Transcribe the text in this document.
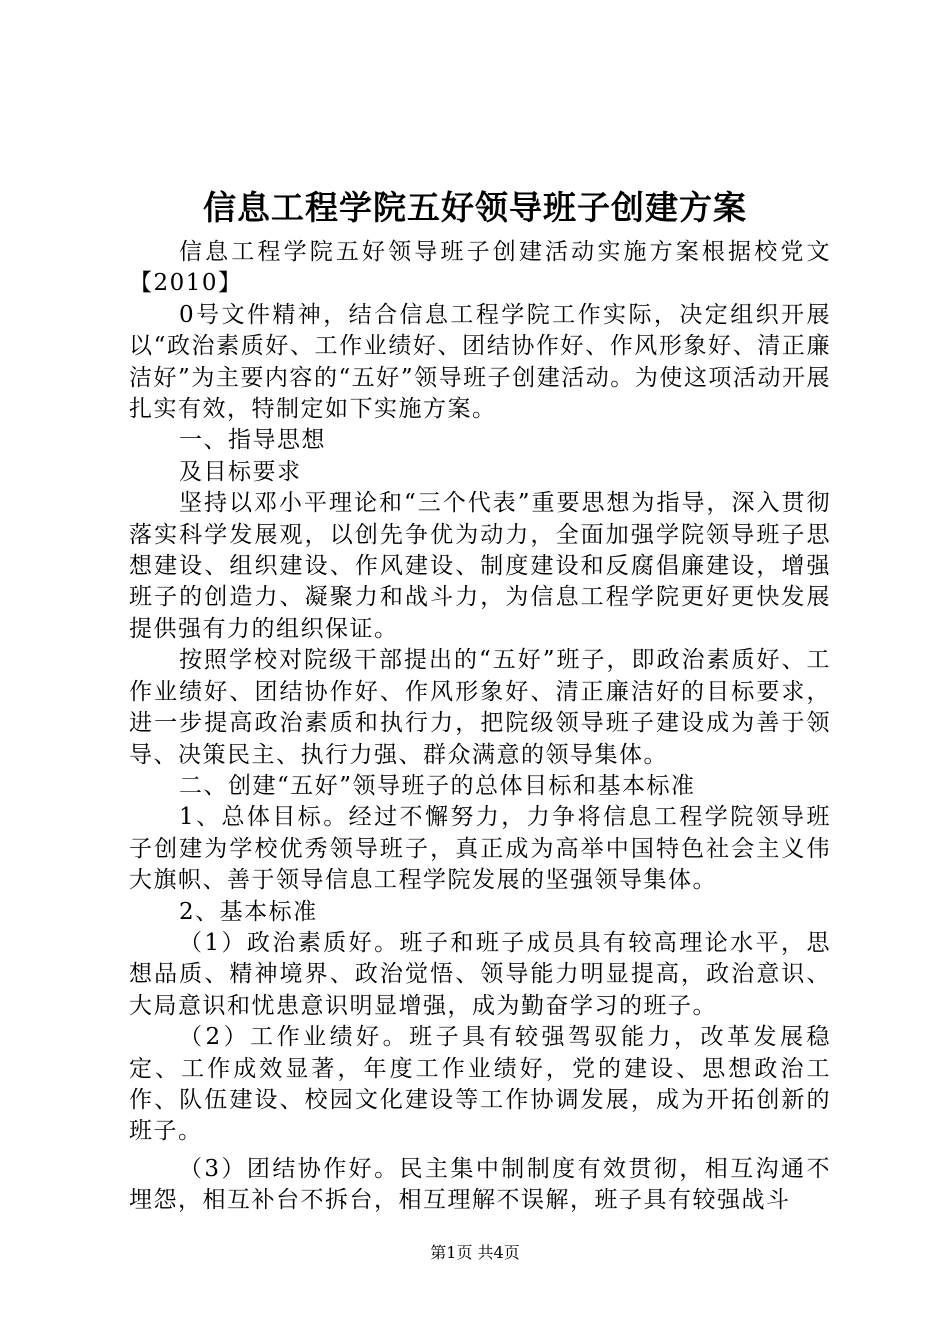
信息工程学院五好领导班子创建方案

信息工程学院五好领导班子创建活动实施方案根据校党文【2010】

0号文件精神，结合信息工程学院工作实际，决定组织开展以“政治素质好、工作业绩好、团结协作好、作风形象好、清正廉洁好”为主要内容的“五好”领导班子创建活动。为使这项活动开展扎实有效，特制定如下实施方案。

一、指导思想

及目标要求

坚持以邓小平理论和“三个代表”重要思想为指导，深入贯彻落实科学发展观，以创先争优为动力，全面加强学院领导班子思想建设、组织建设、作风建设、制度建设和反腐倡廉建设，增强班子的创造力、凝聚力和战斗力，为信息工程学院更好更快发展提供强有力的组织保证。

按照学校对院级干部提出的“五好”班子，即政治素质好、工作业绩好、团结协作好、作风形象好、清正廉洁好的目标要求，进一步提高政治素质和执行力，把院级领导班子建设成为善于领导、决策民主、执行力强、群众满意的领导集体。

二、创建“五好”领导班子的总体目标和基本标准

1、总体目标。经过不懈努力，力争将信息工程学院领导班子创建为学校优秀领导班子，真正成为高举中国特色社会主义伟大旗帜、善于领导信息工程学院发展的坚强领导集体。

2、基本标准

（1）政治素质好。班子和班子成员具有较高理论水平，思想品质、精神境界、政治觉悟、领导能力明显提高，政治意识、大局意识和忧患意识明显增强，成为勤奋学习的班子。

（2）工作业绩好。班子具有较强驾驭能力，改革发展稳定、工作成效显著，年度工作业绩好，党的建设、思想政治工作、队伍建设、校园文化建设等工作协调发展，成为开拓创新的班子。

（3）团结协作好。民主集中制制度有效贯彻，相互沟通不埋怨，相互补台不拆台，相互理解不误解，班子具有较强战斗

第1页 共4页
